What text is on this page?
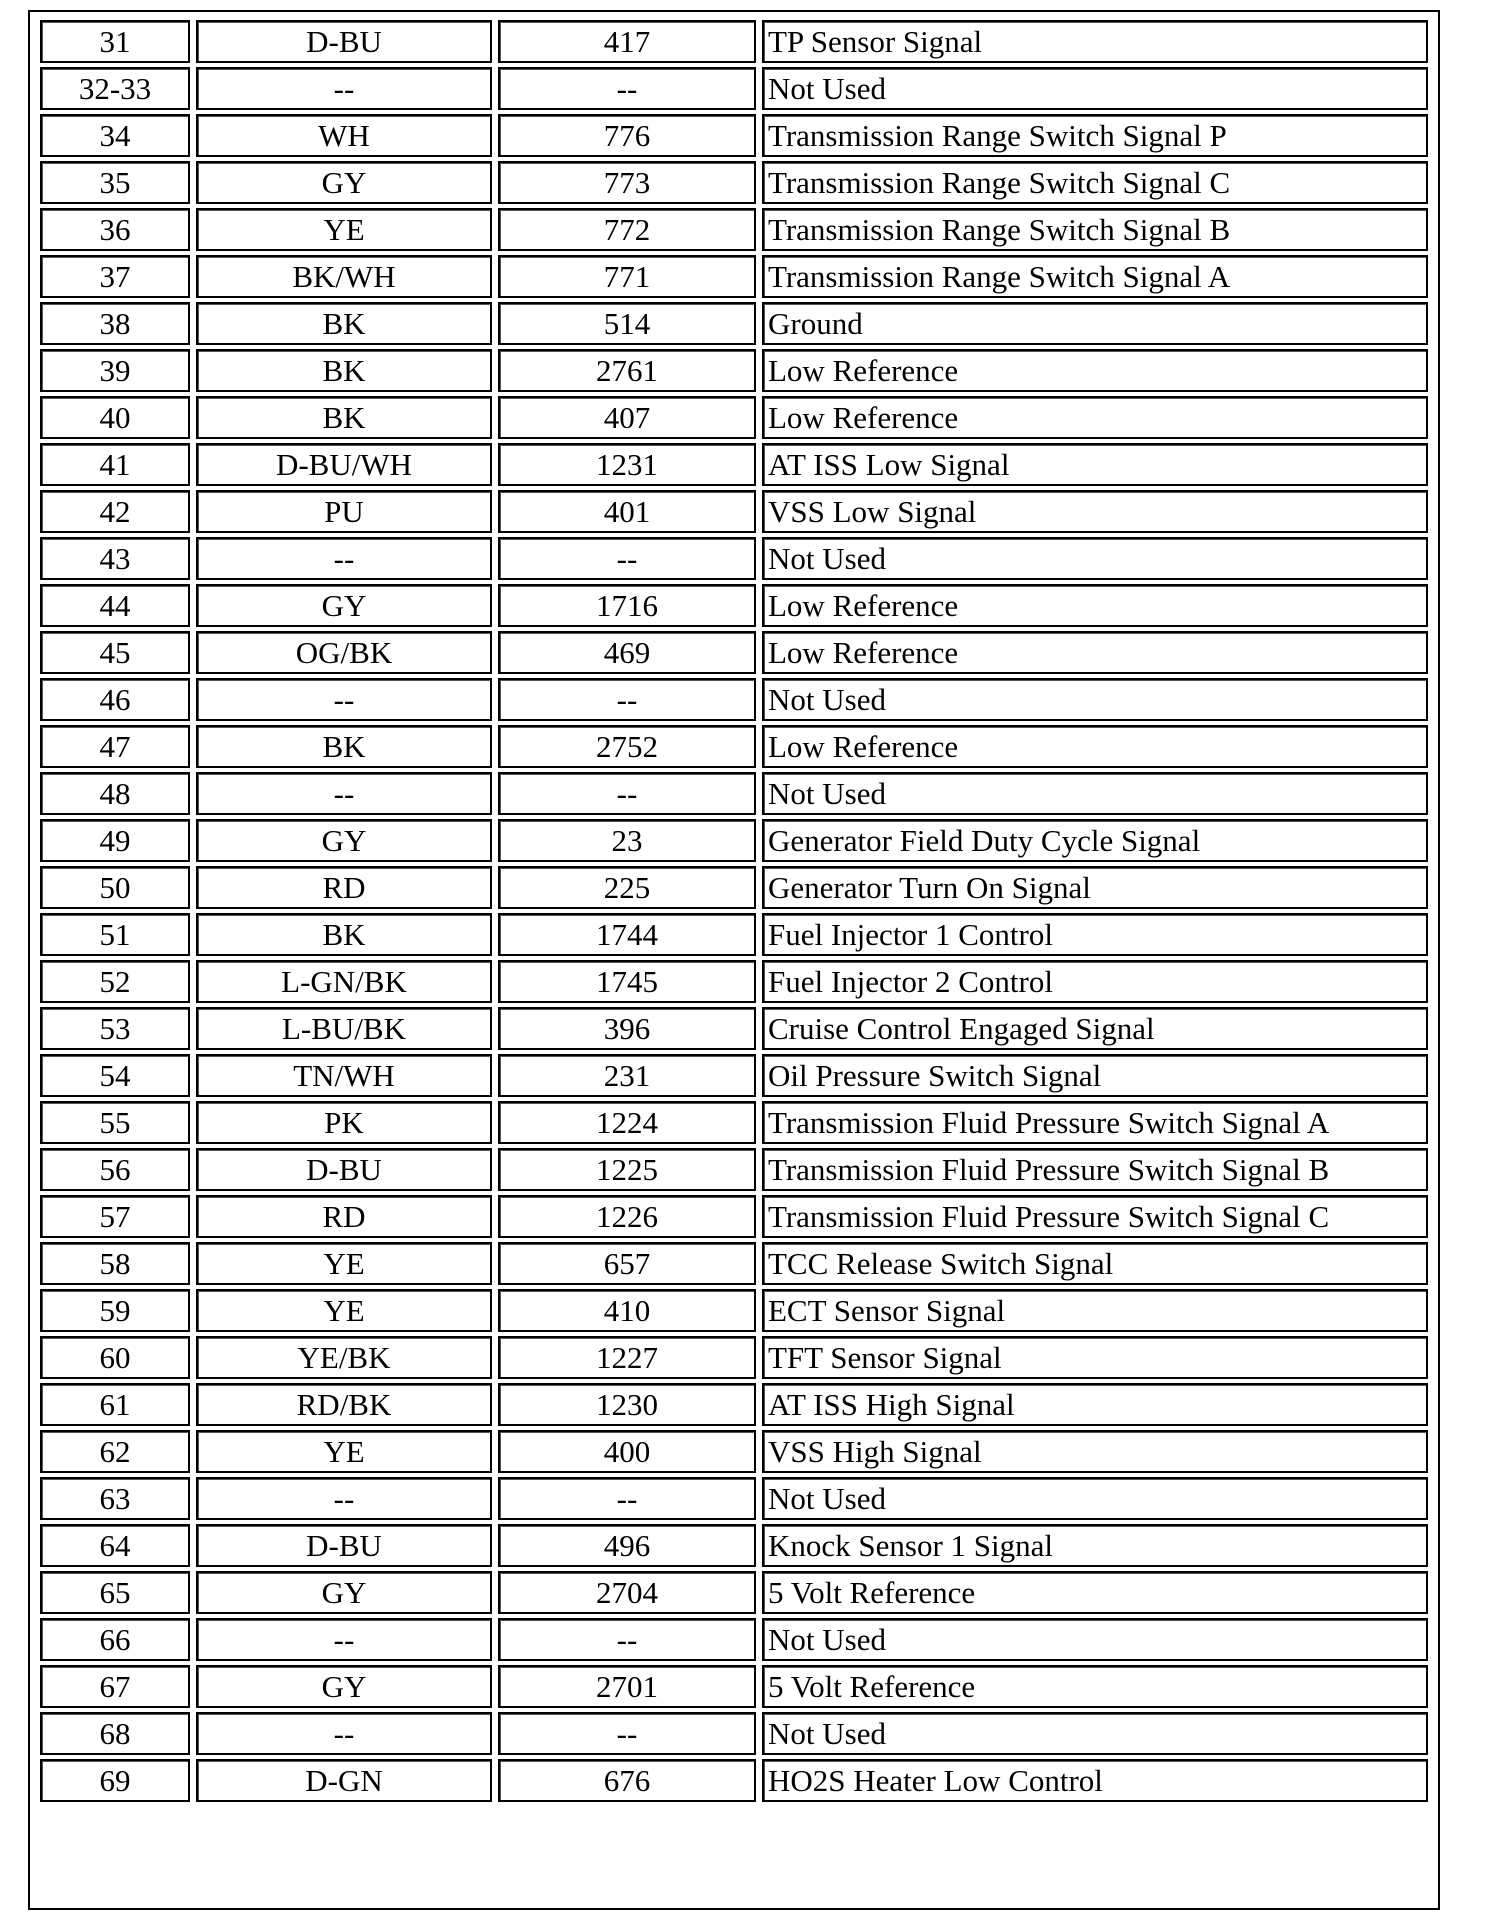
31	D-BU	417	TP Sensor Signal
32-33	--	--	Not Used
34	WH	776	Transmission Range Switch Signal P
35	GY	773	Transmission Range Switch Signal C
36	YE	772	Transmission Range Switch Signal B
37	BK/WH	771	Transmission Range Switch Signal A
38	BK	514	Ground
39	BK	2761	Low Reference
40	BK	407	Low Reference
41	D-BU/WH	1231	AT ISS Low Signal
42	PU	401	VSS Low Signal
43	--	--	Not Used
44	GY	1716	Low Reference
45	OG/BK	469	Low Reference
46	--	--	Not Used
47	BK	2752	Low Reference
48	--	--	Not Used
49	GY	23	Generator Field Duty Cycle Signal
50	RD	225	Generator Turn On Signal
51	BK	1744	Fuel Injector 1 Control
52	L-GN/BK	1745	Fuel Injector 2 Control
53	L-BU/BK	396	Cruise Control Engaged Signal
54	TN/WH	231	Oil Pressure Switch Signal
55	PK	1224	Transmission Fluid Pressure Switch Signal A
56	D-BU	1225	Transmission Fluid Pressure Switch Signal B
57	RD	1226	Transmission Fluid Pressure Switch Signal C
58	YE	657	TCC Release Switch Signal
59	YE	410	ECT Sensor Signal
60	YE/BK	1227	TFT Sensor Signal
61	RD/BK	1230	AT ISS High Signal
62	YE	400	VSS High Signal
63	--	--	Not Used
64	D-BU	496	Knock Sensor 1 Signal
65	GY	2704	5 Volt Reference
66	--	--	Not Used
67	GY	2701	5 Volt Reference
68	--	--	Not Used
69	D-GN	676	HO2S Heater Low Control
